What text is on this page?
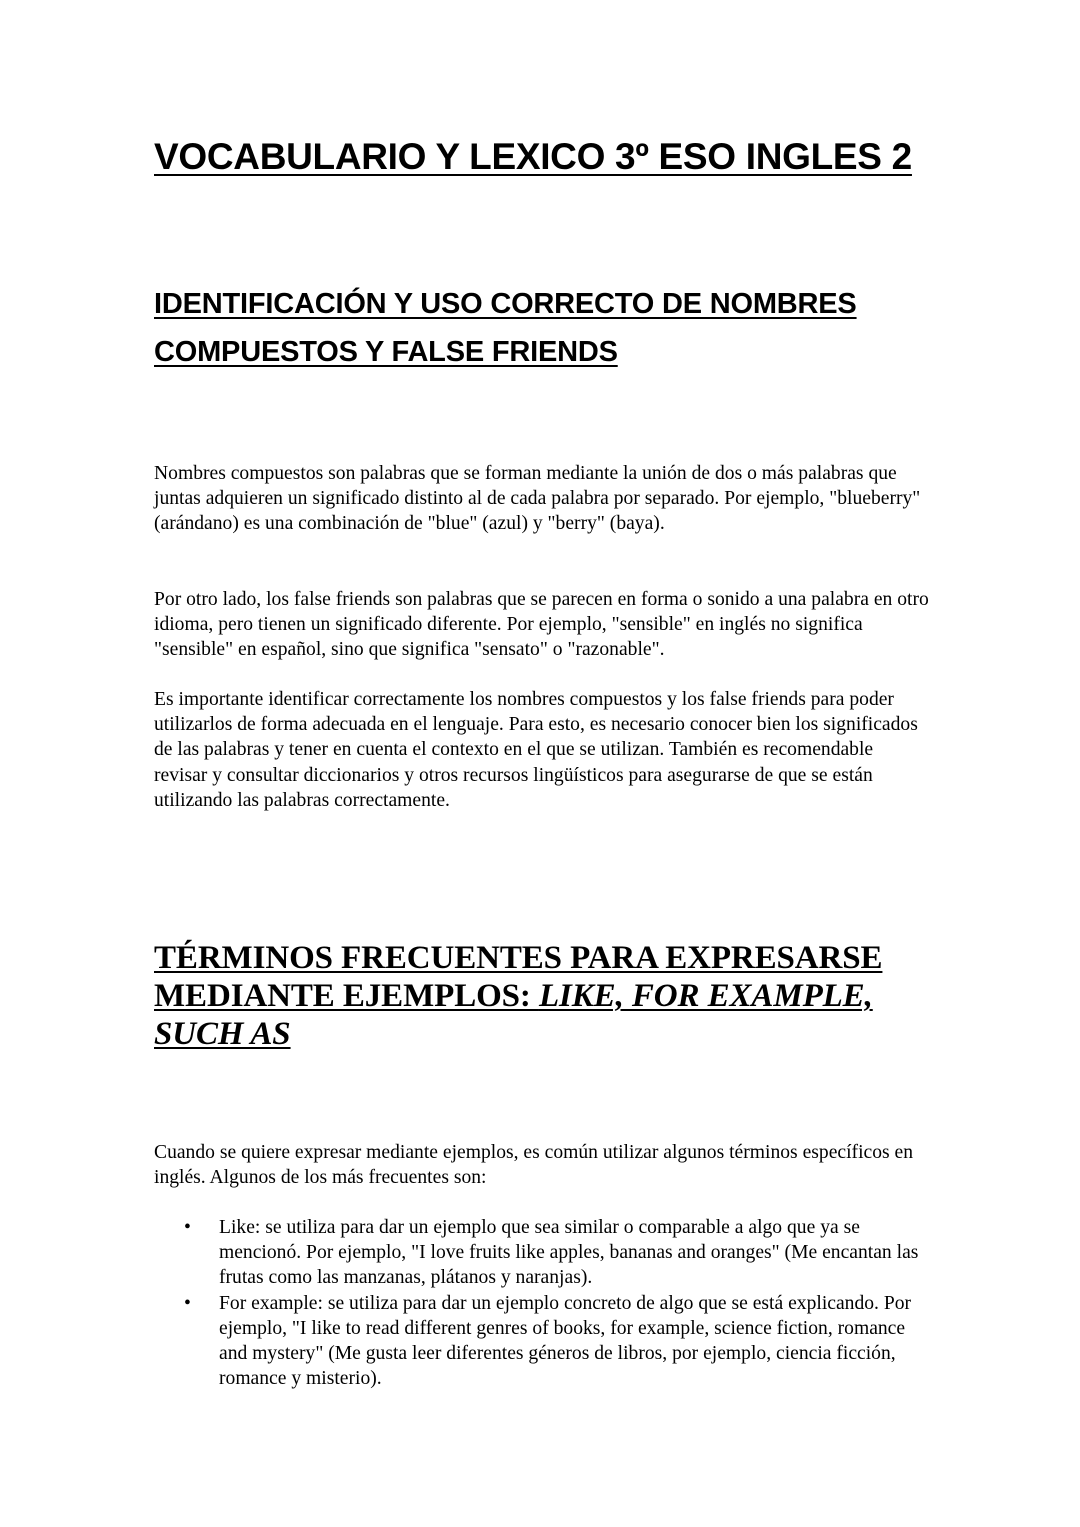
VOCABULARIO Y LEXICO 3º ESO INGLES 2
IDENTIFICACIÓN Y USO CORRECTO DE NOMBRES COMPUESTOS Y FALSE FRIENDS

Nombres compuestos son palabras que se forman mediante la unión de dos o más palabras que juntas adquieren un significado distinto al de cada palabra por separado. Por ejemplo, "blueberry" (arándano) es una combinación de "blue" (azul) y "berry" (baya).

Por otro lado, los false friends son palabras que se parecen en forma o sonido a una palabra en otro idioma, pero tienen un significado diferente. Por ejemplo, "sensible" en inglés no significa "sensible" en español, sino que significa "sensato" o "razonable".

Es importante identificar correctamente los nombres compuestos y los false friends para poder utilizarlos de forma adecuada en el lenguaje. Para esto, es necesario conocer bien los significados de las palabras y tener en cuenta el contexto en el que se utilizan. También es recomendable revisar y consultar diccionarios y otros recursos lingüísticos para asegurarse de que se están utilizando las palabras correctamente.

TÉRMINOS FRECUENTES PARA EXPRESARSE MEDIANTE EJEMPLOS: LIKE, FOR EXAMPLE, SUCH AS

Cuando se quiere expresar mediante ejemplos, es común utilizar algunos términos específicos en inglés. Algunos de los más frecuentes son:

• Like: se utiliza para dar un ejemplo que sea similar o comparable a algo que ya se mencionó. Por ejemplo, "I love fruits like apples, bananas and oranges" (Me encantan las frutas como las manzanas, plátanos y naranjas).
• For example: se utiliza para dar un ejemplo concreto de algo que se está explicando. Por ejemplo, "I like to read different genres of books, for example, science fiction, romance and mystery" (Me gusta leer diferentes géneros de libros, por ejemplo, ciencia ficción, romance y misterio).
